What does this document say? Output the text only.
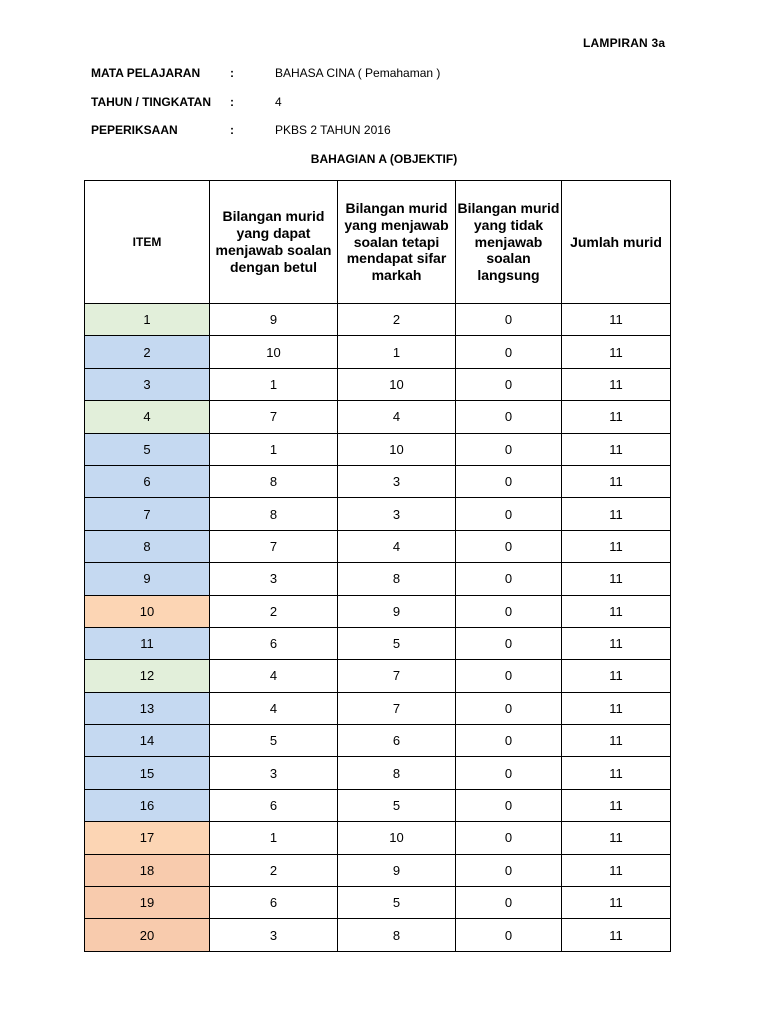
LAMPIRAN 3a
MATA PELAJARAN :	BAHASA CINA ( Pemahaman )
TAHUN / TINGKATAN :	4
PEPERIKSAAN	:	PKBS 2 TAHUN 2016
BAHAGIAN A (OBJEKTIF)
ITEM	Bilangan murid yang dapat menjawab soalan dengan betul	Bilangan murid yang menjawab soalan tetapi mendapat sifar markah	Bilangan murid yang tidak menjawab soalan langsung	Jumlah murid
1	9	2	0	11
2	10	1	0	11
3	1	10	0	11
4	7	4	0	11
5	1	10	0	11
6	8	3	0	11
7	8	3	0	11
8	7	4	0	11
9	3	8	0	11
10	2	9	0	11
11	6	5	0	11
12	4	7	0	11
13	4	7	0	11
14	5	6	0	11
15	3	8	0	11
16	6	5	0	11
17	1	10	0	11
18	2	9	0	11
19	6	5	0	11
20	3	8	0	11
